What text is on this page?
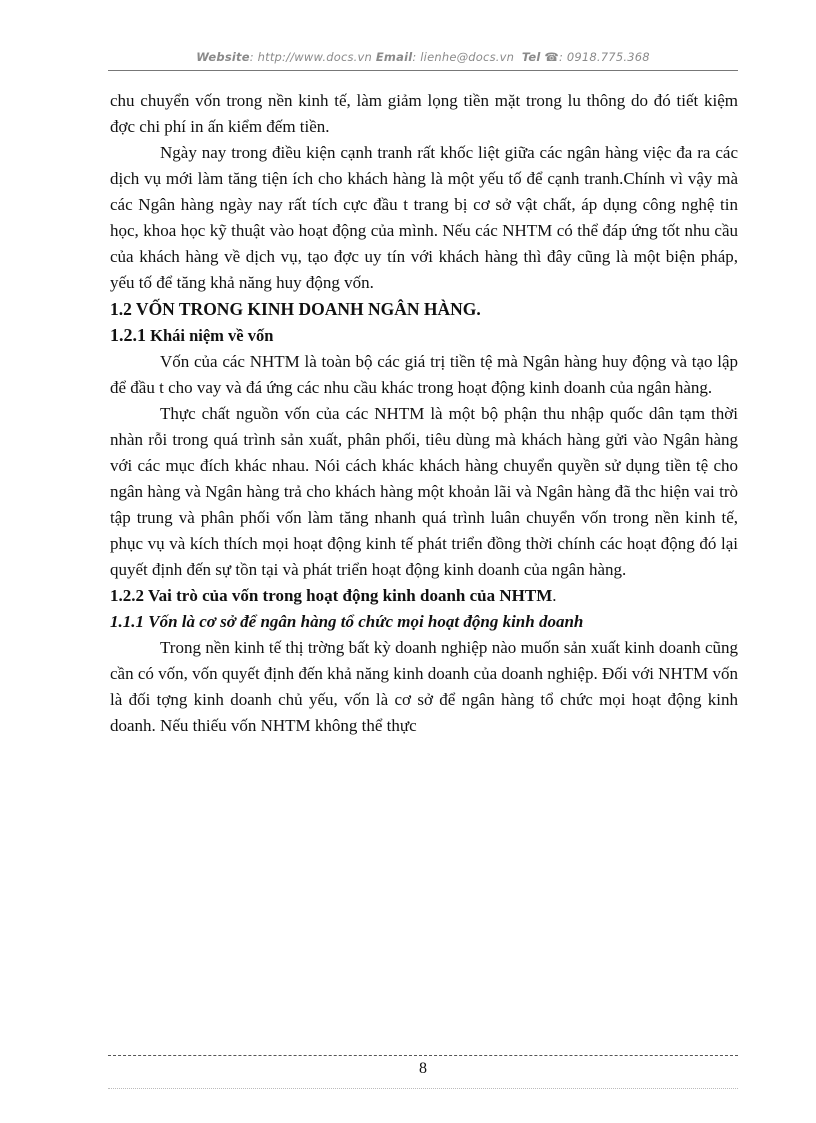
Website: http://www.docs.vn Email: lienhe@docs.vn Tel ☎: 0918.775.368

chu chuyển vốn trong nền kinh tế, làm giảm lọng tiền mặt trong lu thông do đó tiết kiệm đợc chi phí in ấn kiểm đếm tiền.

Ngày nay trong điều kiện cạnh tranh rất khốc liệt giữa các ngân hàng việc đa ra các dịch vụ mới làm tăng tiện ích cho khách hàng là một yếu tố để cạnh tranh.Chính vì vậy mà các Ngân hàng ngày nay rất tích cực đầu t trang bị cơ sở vật chất, áp dụng công nghệ tin học, khoa học kỹ thuật vào hoạt động của mình. Nếu các NHTM có thể đáp ứng tốt nhu cầu của khách hàng về dịch vụ, tạo đợc uy tín với khách hàng thì đây cũng là một biện pháp, yếu tố để tăng khả năng huy động vốn.

1.2 VỐN TRONG KINH DOANH NGÂN HÀNG.

1.2.1 Khái niệm về vốn

Vốn của các NHTM là toàn bộ các giá trị tiền tệ mà Ngân hàng huy động và tạo lập để đầu t cho vay và đá ứng các nhu cầu khác trong hoạt động kinh doanh của ngân hàng.

Thực chất nguồn vốn của các NHTM là một bộ phận thu nhập quốc dân tạm thời nhàn rỗi trong quá trình sản xuất, phân phối, tiêu dùng mà khách hàng gửi vào Ngân hàng với các mục đích khác nhau. Nói cách khác khách hàng chuyển quyền sử dụng tiền tệ cho ngân hàng và Ngân hàng trả cho khách hàng một khoản lãi và Ngân hàng đã thc hiện vai trò tập trung và phân phối vốn làm tăng nhanh quá trình luân chuyển vốn trong nền kinh tế, phục vụ và kích thích mọi hoạt động kinh tế phát triển đồng thời chính các hoạt động đó lại quyết định đến sự tồn tại và phát triển hoạt động kinh doanh của ngân hàng.

1.2.2 Vai trò của vốn trong hoạt động kinh doanh của NHTM.

1.1.1 Vốn là cơ sở để ngân hàng tổ chức mọi hoạt động kinh doanh

Trong nền kinh tế thị trờng bất kỳ doanh nghiệp nào muốn sản xuất kinh doanh cũng cần có vốn, vốn quyết định đến khả năng kinh doanh của doanh nghiệp. Đối với NHTM vốn là đối tợng kinh doanh chủ yếu, vốn là cơ sở để ngân hàng tổ chức mọi hoạt động kinh doanh. Nếu thiếu vốn NHTM không thể thực

8
